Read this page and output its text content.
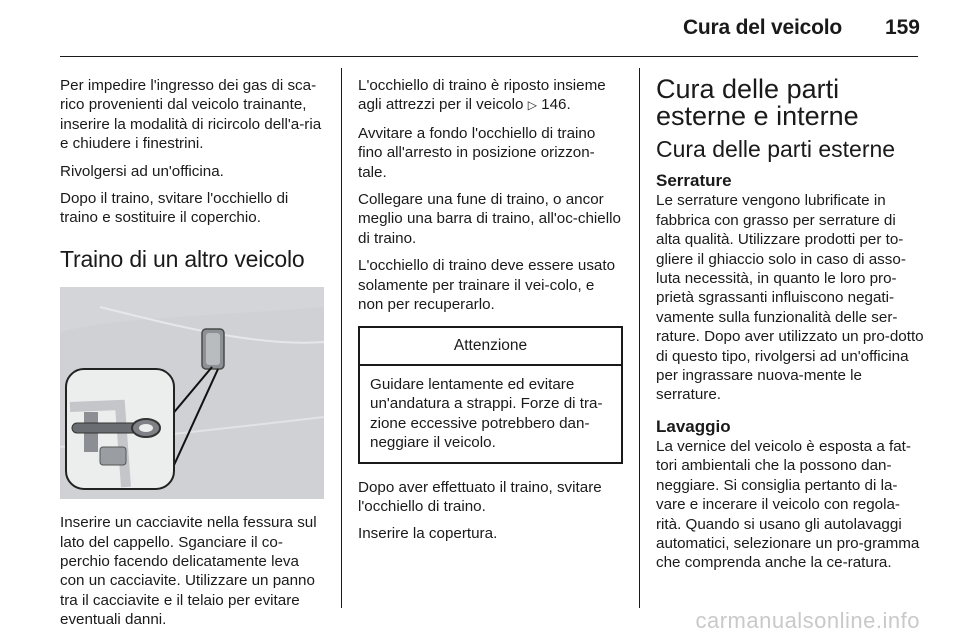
Cura del veicolo 159

Per impedire l'ingresso dei gas di sca-rico provenienti dal veicolo trainante, inserire la modalità di ricircolo dell'a-ria e chiudere i finestrini.

Rivolgersi ad un'officina.

Dopo il traino, svitare l'occhiello di traino e sostituire il coperchio.

Traino di un altro veicolo

Inserire un cacciavite nella fessura sul lato del cappello. Sganciare il co-perchio facendo delicatamente leva con un cacciavite. Utilizzare un panno tra il cacciavite e il telaio per evitare eventuali danni.

L'occhiello di traino è riposto insieme agli attrezzi per il veicolo ▷ 146.

Avvitare a fondo l'occhiello di traino fino all'arresto in posizione orizzon-tale.

Collegare una fune di traino, o ancor meglio una barra di traino, all'oc-chiello di traino.

L'occhiello di traino deve essere usato solamente per trainare il vei-colo, e non per recuperarlo.

Attenzione
Guidare lentamente ed evitare un'andatura a strappi. Forze di tra-zione eccessive potrebbero dan-neggiare il veicolo.

Dopo aver effettuato il traino, svitare l'occhiello di traino.

Inserire la copertura.

Cura delle parti esterne e interne
Cura delle parti esterne
Serrature

Le serrature vengono lubrificate in fabbrica con grasso per serrature di alta qualità. Utilizzare prodotti per to-gliere il ghiaccio solo in caso di asso-luta necessità, in quanto le loro pro-prietà sgrassanti influiscono negati-vamente sulla funzionalità delle ser-rature. Dopo aver utilizzato un pro-dotto di questo tipo, rivolgersi ad un'officina per ingrassare nuova-mente le serrature.

Lavaggio

La vernice del veicolo è esposta a fat-tori ambientali che la possono dan-neggiare. Si consiglia pertanto di la-vare e incerare il veicolo con regola-rità. Quando si usano gli autolavaggi automatici, selezionare un pro-gramma che comprenda anche la ce-ratura.

carmanualsonline.info
